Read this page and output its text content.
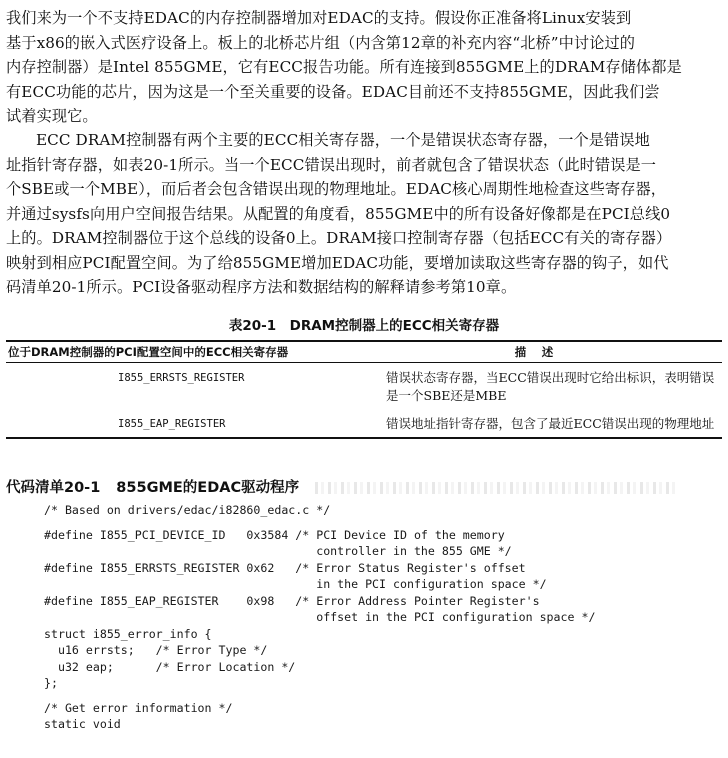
我们来为一个不支持EDAC的内存控制器增加对EDAC的支持。假设你正准备将Linux安装到
基于x86的嵌入式医疗设备上。板上的北桥芯片组（内含第12章的补充内容“北桥”中讨论过的
内存控制器）是Intel 855GME，它有ECC报告功能。所有连接到855GME上的DRAM存储体都是
有ECC功能的芯片，因为这是一个至关重要的设备。EDAC目前还不支持855GME，因此我们尝
试着实现它。
ECC DRAM控制器有两个主要的ECC相关寄存器，一个是错误状态寄存器，一个是错误地
址指针寄存器，如表20-1所示。当一个ECC错误出现时，前者就包含了错误状态（此时错误是一
个SBE或一个MBE），而后者会包含错误出现的物理地址。EDAC核心周期性地检查这些寄存器，
并通过sysfs向用户空间报告结果。从配置的角度看，855GME中的所有设备好像都是在PCI总线0
上的。DRAM控制器位于这个总线的设备0上。DRAM接口控制寄存器（包括ECC有关的寄存器）
映射到相应PCI配置空间。为了给855GME增加EDAC功能，要增加读取这些寄存器的钩子，如代
码清单20-1所示。PCI设备驱动程序方法和数据结构的解释请参考第10章。
表20-1　DRAM控制器上的ECC相关寄存器
位于DRAM控制器的PCI配置空间中的ECC相关寄存器	描　述
I855_ERRSTS_REGISTER	错误状态寄存器，当ECC错误出现时它给出标识，表明错误是一个SBE还是MBE
I855_EAP_REGISTER	错误地址指针寄存器，包含了最近ECC错误出现的物理地址
代码清单20-1 855GME的EDAC驱动程序
/* Based on drivers/edac/i82860_edac.c */
#define I855_PCI_DEVICE_ID   0x3584 /* PCI Device ID of the memory
controller in the 855 GME */
#define I855_ERRSTS_REGISTER 0x62   /* Error Status Register's offset
in the PCI configuration space */
#define I855_EAP_REGISTER    0x98   /* Error Address Pointer Register's
offset in the PCI configuration space */
struct i855_error_info {
u16 errsts;   /* Error Type */
u32 eap;      /* Error Location */
};
/* Get error information */
static void
